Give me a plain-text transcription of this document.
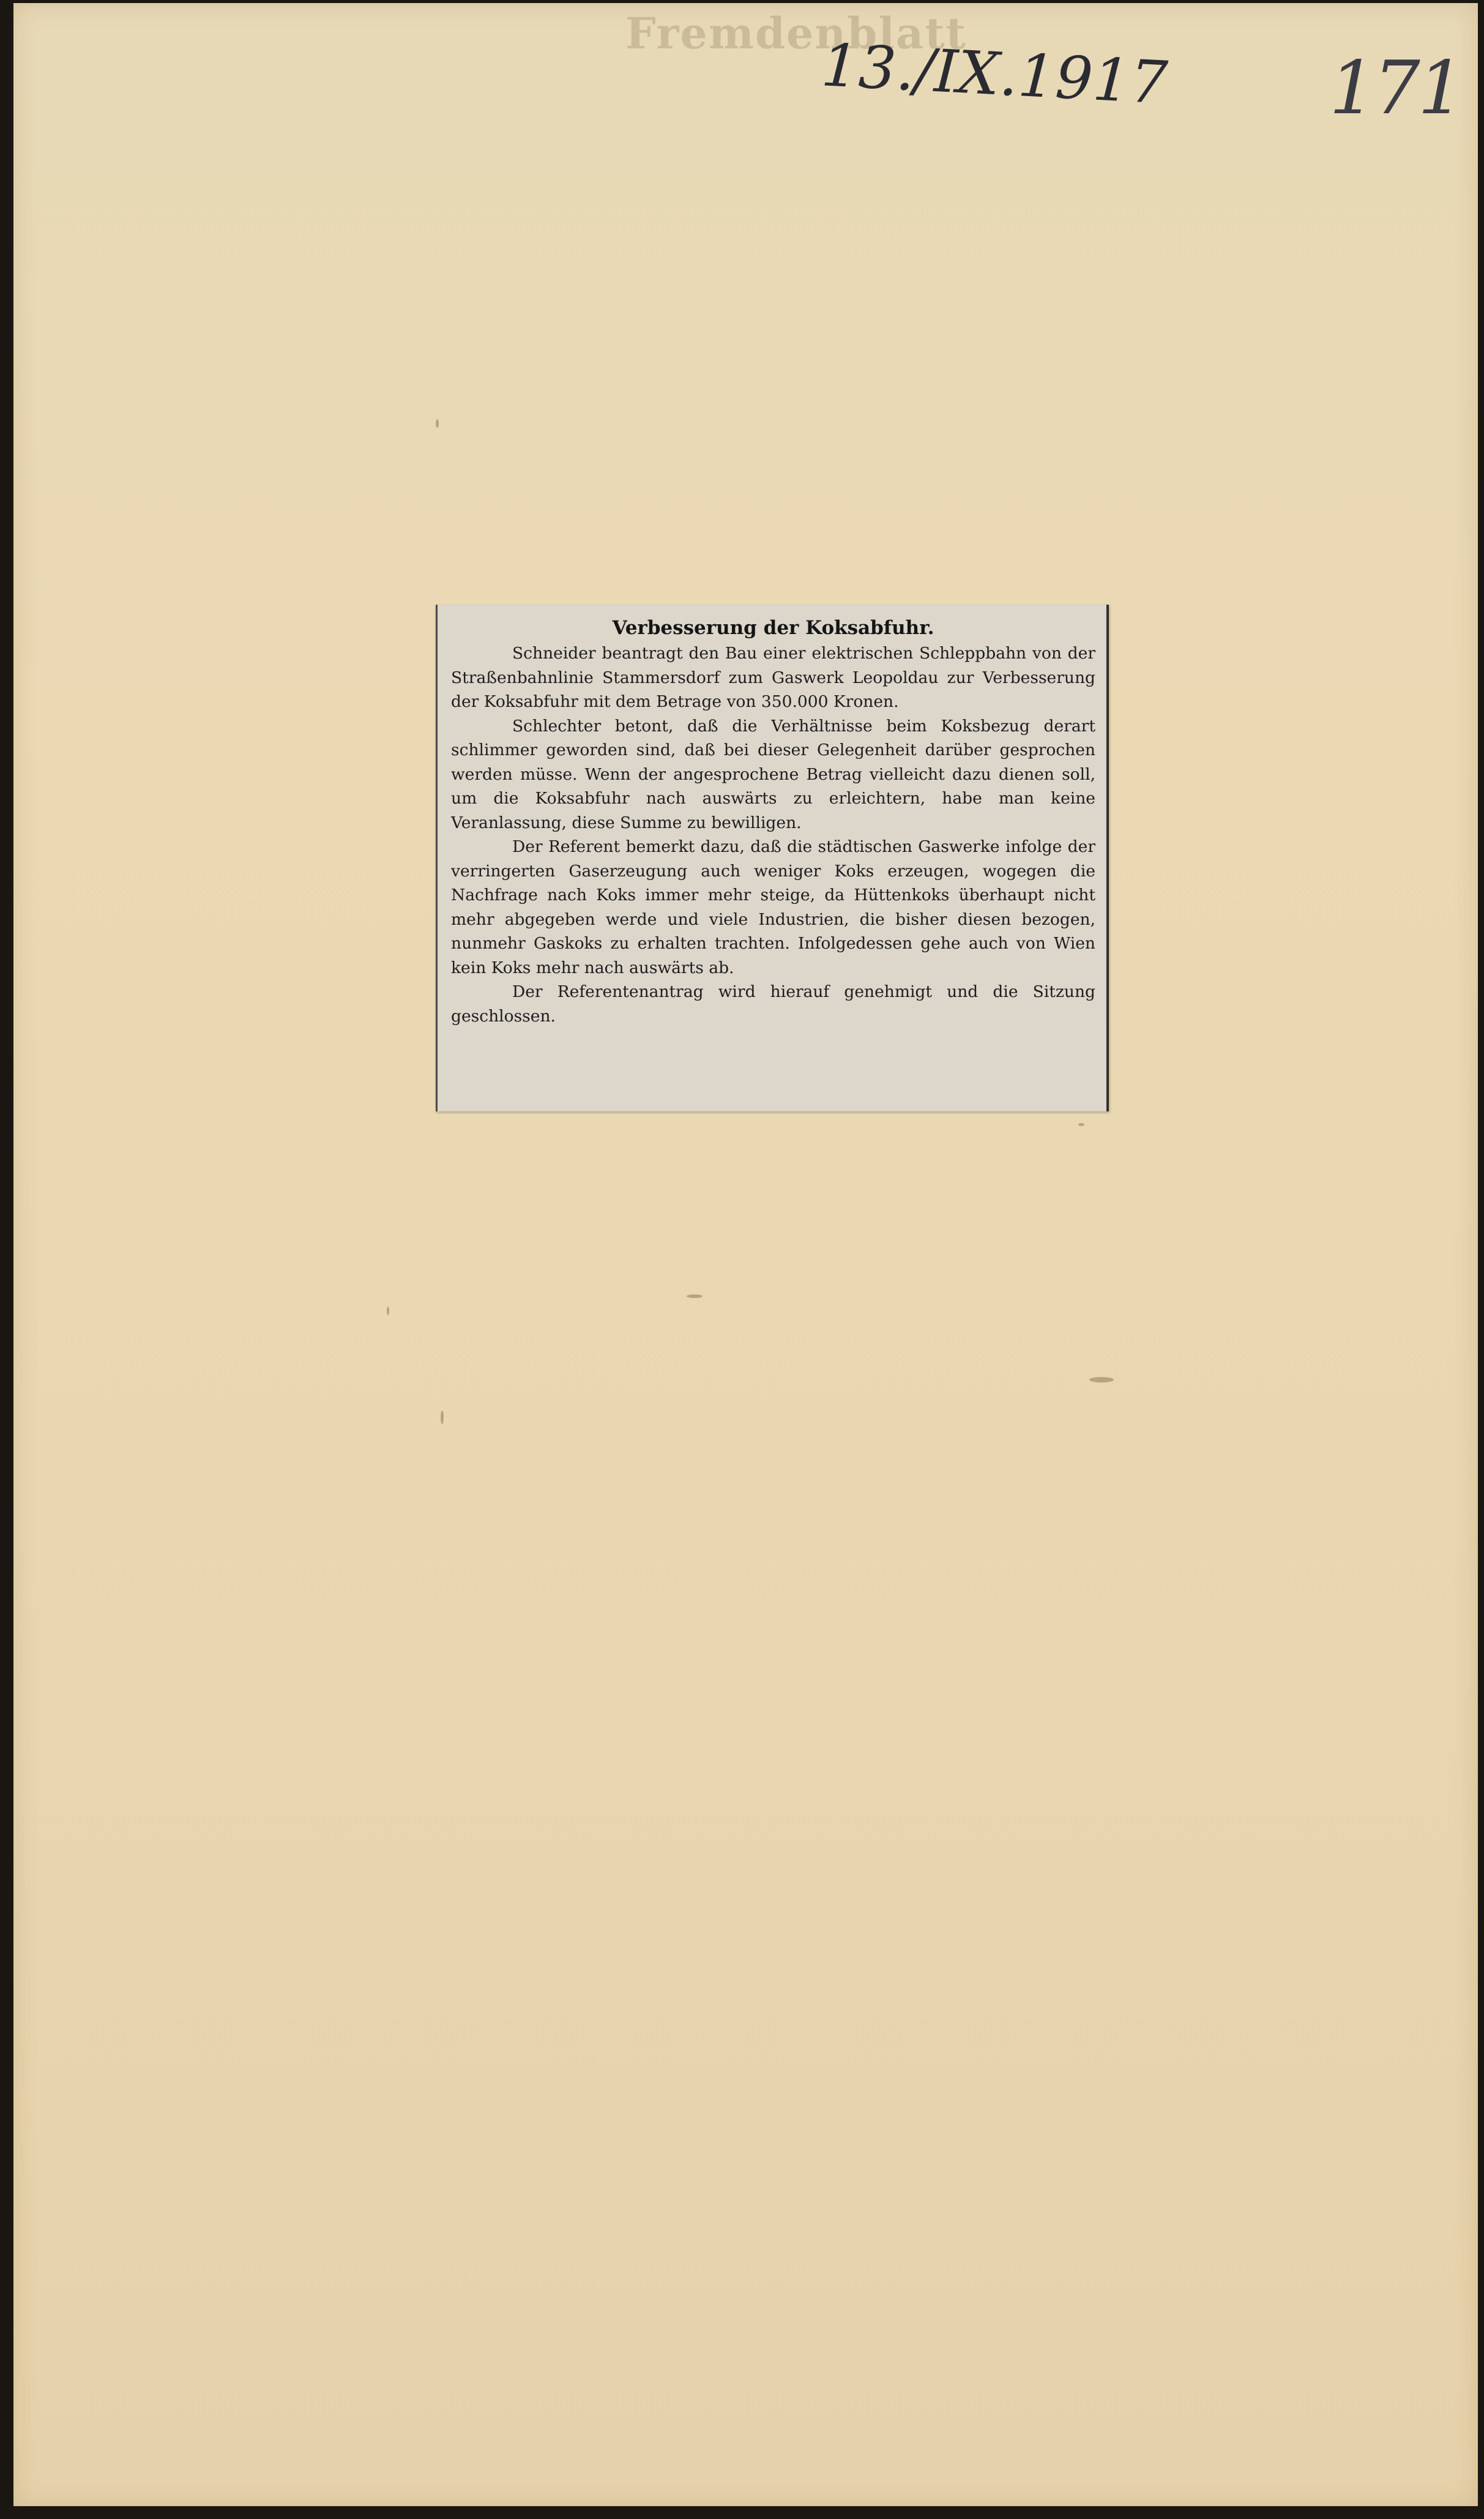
Fremdenblatt
13./IX.1917 171
Verbesserung der Koksabfuhr.

Schneider beantragt den Bau einer elektrischen Schleppbahn von der Straßenbahnlinie Stammersdorf zum Gaswerk Leopoldau zur Verbesserung der Koksabfuhr mit dem Betrage von 350.000 Kronen.

Schlechter betont, daß die Verhältnisse beim Koksbezug derart schlimmer geworden sind, daß bei dieser Gelegenheit darüber gesprochen werden müsse. Wenn der angesprochene Betrag vielleicht dazu dienen soll, um die Koksabfuhr nach auswärts zu erleichtern, habe man keine Veranlassung, diese Summe zu bewilligen.

Der Referent bemerkt dazu, daß die städtischen Gaswerke infolge der verringerten Gaserzeugung auch weniger Koks erzeugen, wogegen die Nachfrage nach Koks immer mehr steige, da Hüttenkoks überhaupt nicht mehr abgegeben werde und viele Industrien, die bisher diesen bezogen, nunmehr Gaskoks zu erhalten trachten. Infolgedessen gehe auch von Wien kein Koks mehr nach auswärts ab.

Der Referentenantrag wird hierauf genehmigt und die Sitzung geschlossen.
